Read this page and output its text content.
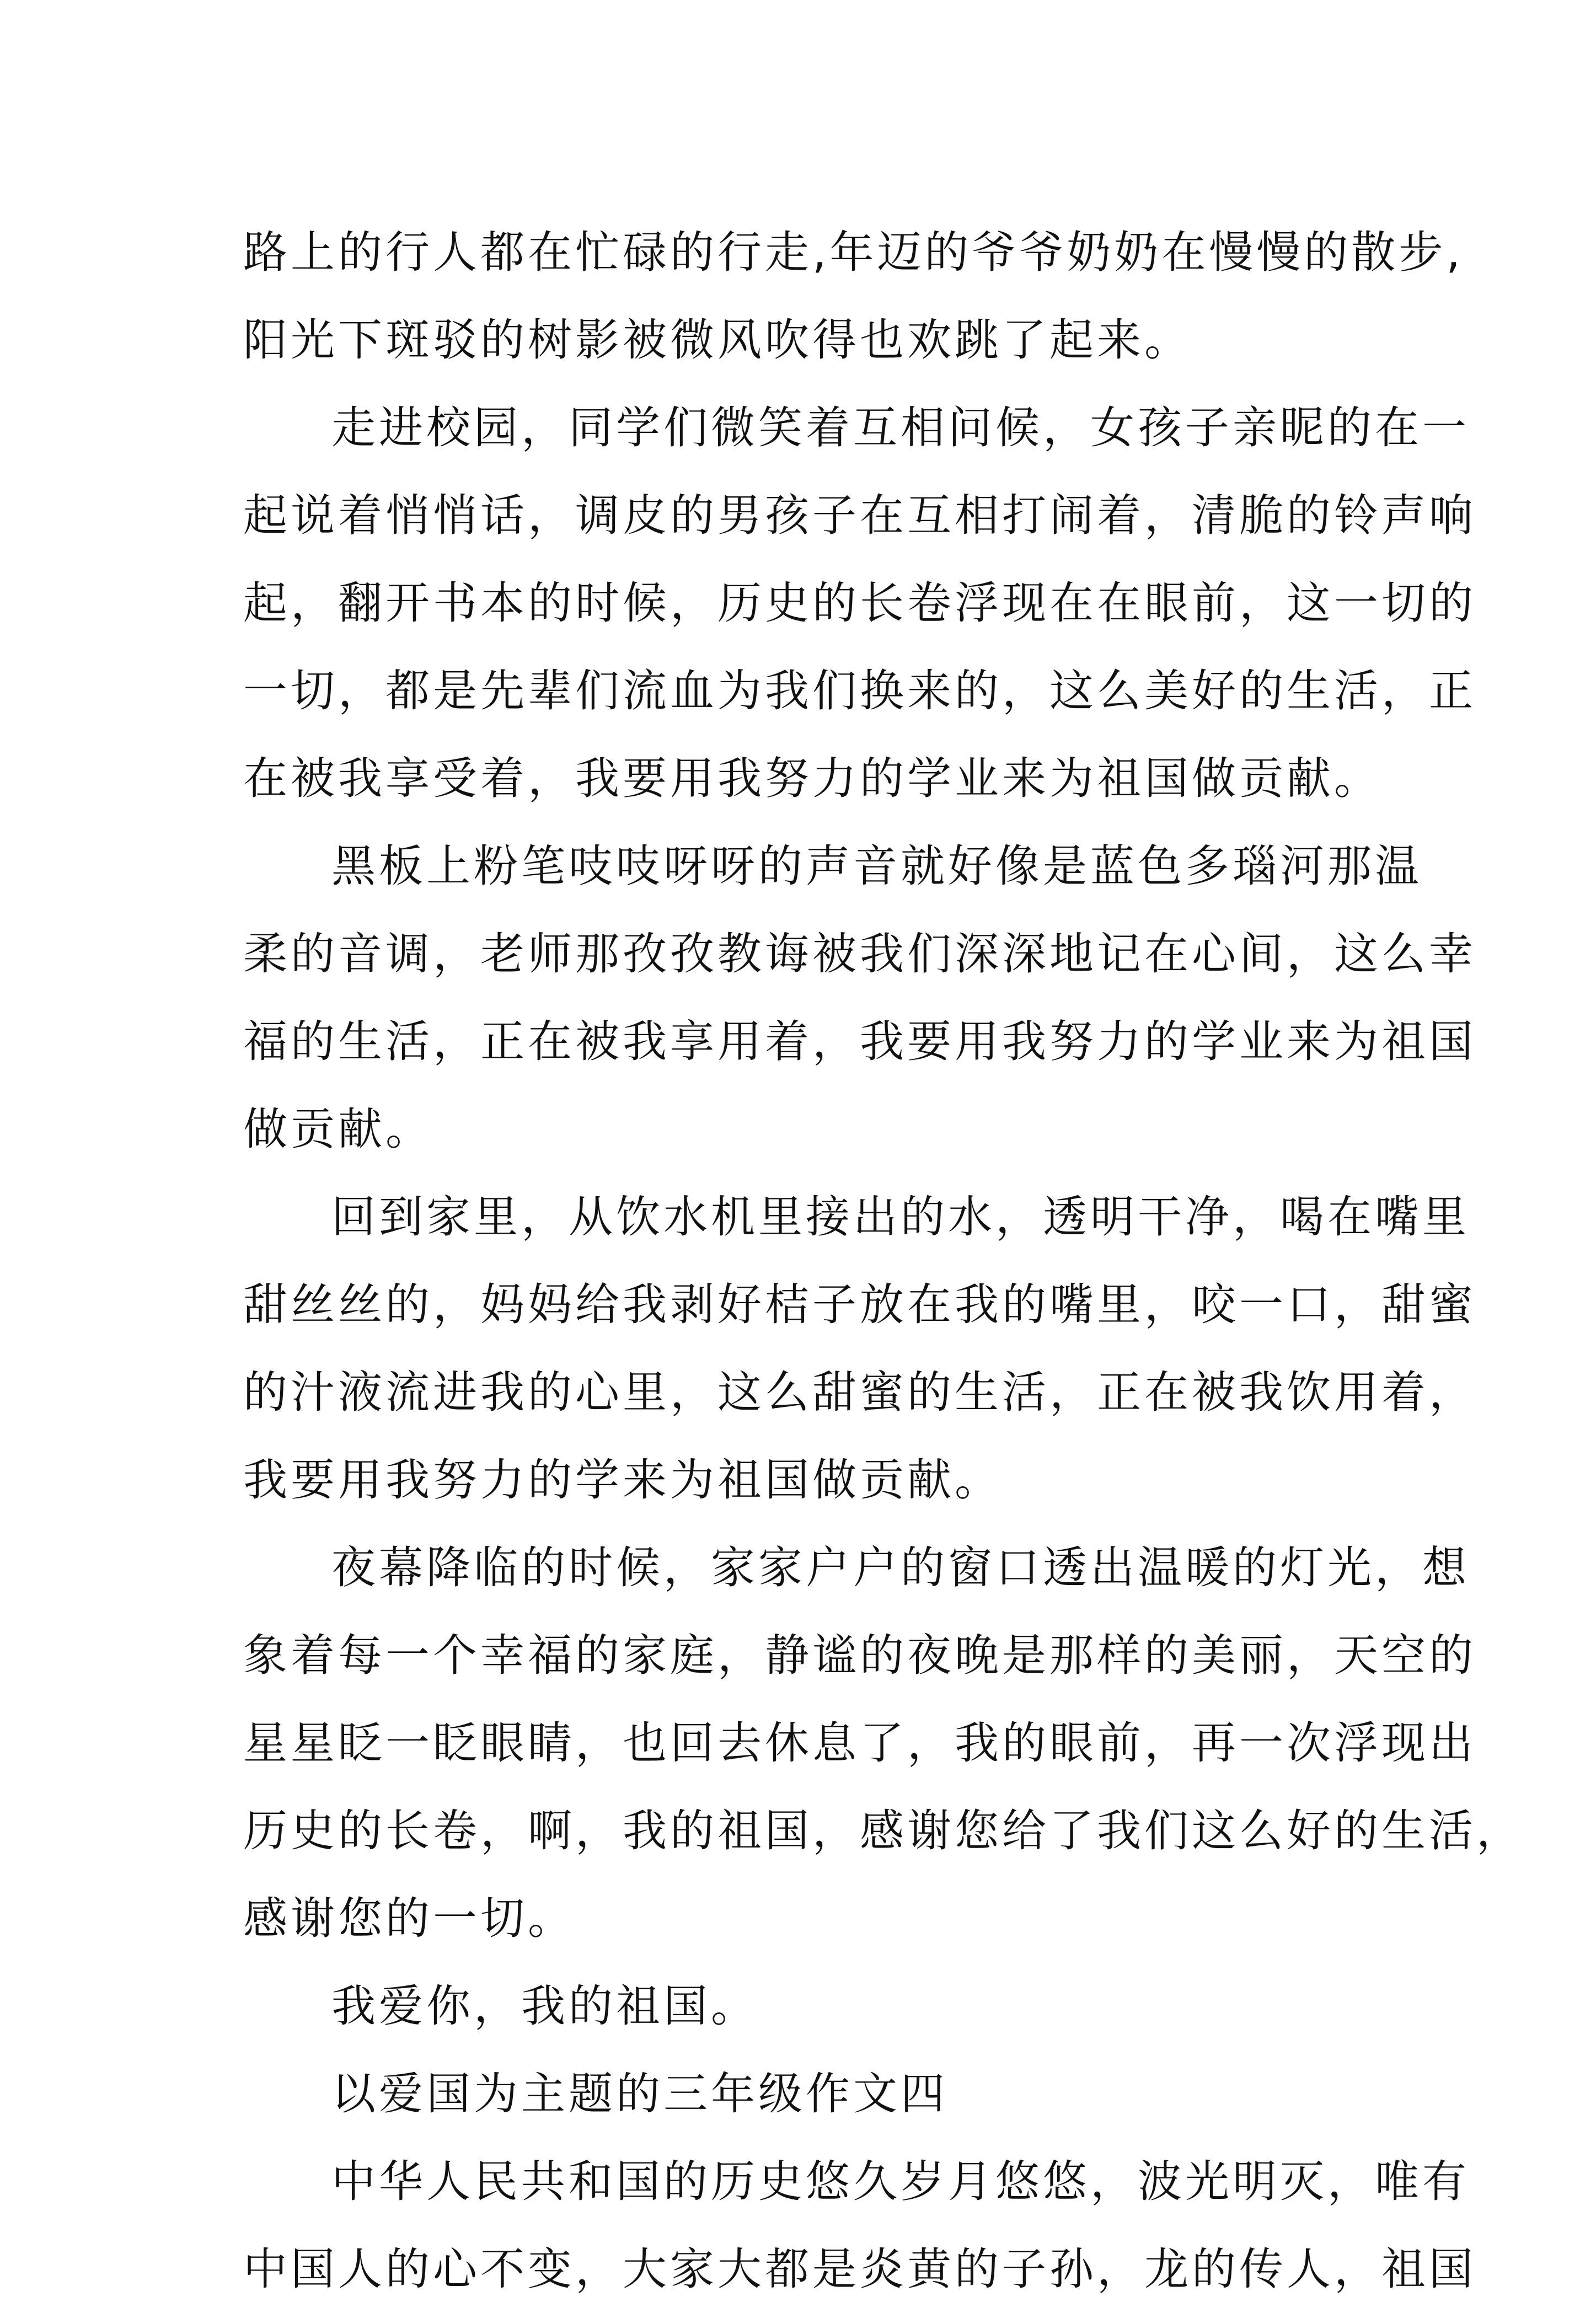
路上的行人都在忙碌的行走,年迈的爷爷奶奶在慢慢的散步,
阳光下斑驳的树影被微风吹得也欢跳了起来。
走进校园，同学们微笑着互相问候，女孩子亲昵的在一
起说着悄悄话，调皮的男孩子在互相打闹着，清脆的铃声响
起，翻开书本的时候，历史的长卷浮现在在眼前，这一切的
一切，都是先辈们流血为我们换来的，这么美好的生活，正
在被我享受着，我要用我努力的学业来为祖国做贡献。
黑板上粉笔吱吱呀呀的声音就好像是蓝色多瑙河那温
柔的音调，老师那孜孜教诲被我们深深地记在心间，这么幸
福的生活，正在被我享用着，我要用我努力的学业来为祖国
做贡献。
回到家里，从饮水机里接出的水，透明干净，喝在嘴里
甜丝丝的，妈妈给我剥好桔子放在我的嘴里，咬一口，甜蜜
的汁液流进我的心里，这么甜蜜的生活，正在被我饮用着，
我要用我努力的学来为祖国做贡献。
夜幕降临的时候，家家户户的窗口透出温暖的灯光，想
象着每一个幸福的家庭，静谧的夜晚是那样的美丽，天空的
星星眨一眨眼睛，也回去休息了，我的眼前，再一次浮现出
历史的长卷，啊，我的祖国，感谢您给了我们这么好的生活，
感谢您的一切。
我爱你，我的祖国。
以爱国为主题的三年级作文四
中华人民共和国的历史悠久岁月悠悠，波光明灭，唯有
中国人的心不变，大家大都是炎黄的子孙，龙的传人，祖国
